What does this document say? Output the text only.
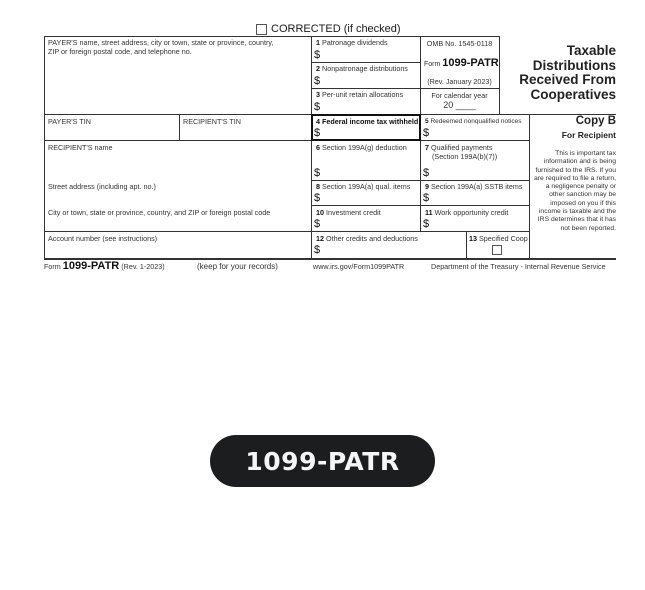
CORRECTED (if checked)
PAYER'S name, street address, city or town, state or province, country,
ZIP or foreign postal code, and telephone no.
PAYER'S TIN	RECIPIENT'S TIN
RECIPIENT'S name
Street address (including apt. no.)
City or town, state or province, country, and ZIP or foreign postal code
Account number (see instructions)
1 Patronage dividends
$
2 Nonpatronage distributions
$
3 Per-unit retain allocations
$
OMB No. 1545-0118
Form 1099-PATR
(Rev. January 2023)
For calendar year
20 ____
4 Federal income tax withheld
$
5 Redeemed nonqualified notices
$
6 Section 199A(g) deduction
$
7 Qualified payments
(Section 199A(b)(7))
$
8 Section 199A(a) qual. items
$
9 Section 199A(a) SSTB items
$
10 Investment credit
$
11 Work opportunity credit
$
12 Other credits and deductions
$
13 Specified Coop
Taxable
Distributions
Received From
Cooperatives
Copy B
For Recipient
This is important tax information and is being furnished to the IRS. If you are required to file a return, a negligence penalty or other sanction may be imposed on you if this income is taxable and the IRS determines that it has not been reported.
Form 1099-PATR (Rev. 1-2023)	(keep for your records)	www.irs.gov/Form1099PATR	Department of the Treasury - Internal Revenue Service
1099-PATR
